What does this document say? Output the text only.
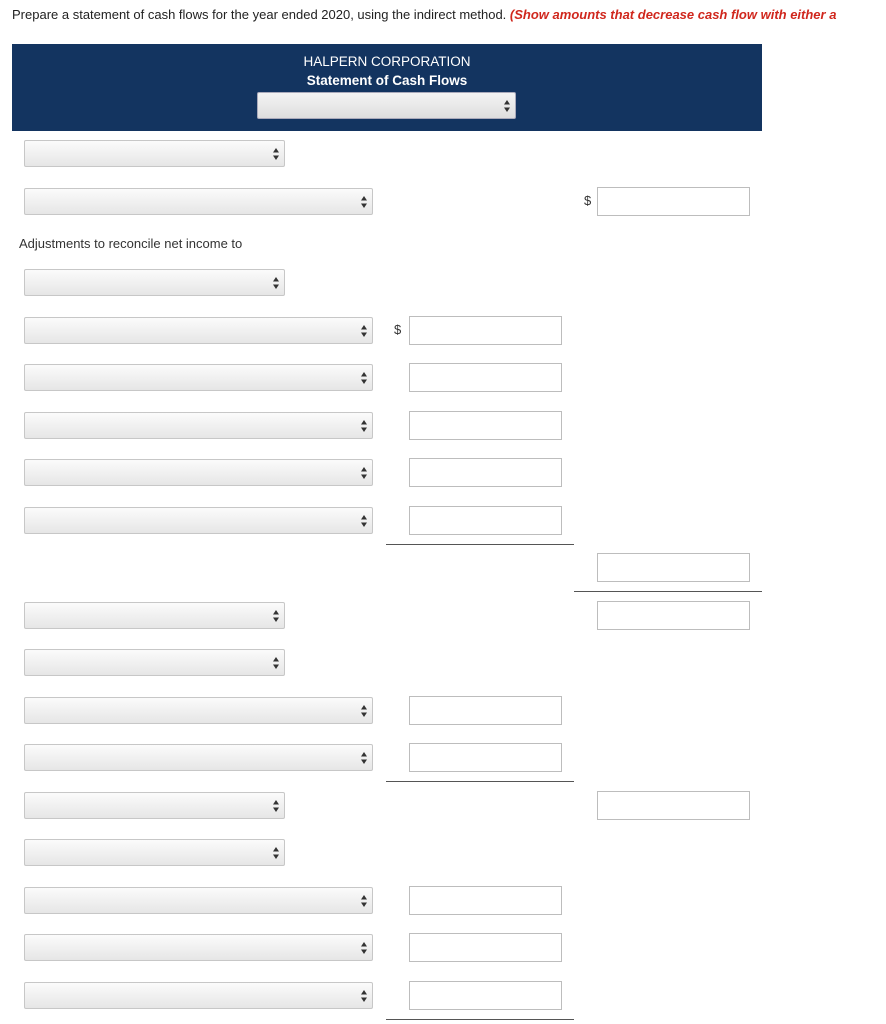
Prepare a statement of cash flows for the year ended 2020, using the indirect method. (Show amounts that decrease cash flow with either a
HALPERN CORPORATION
Statement of Cash Flows
$
Adjustments to reconcile net income to
$
